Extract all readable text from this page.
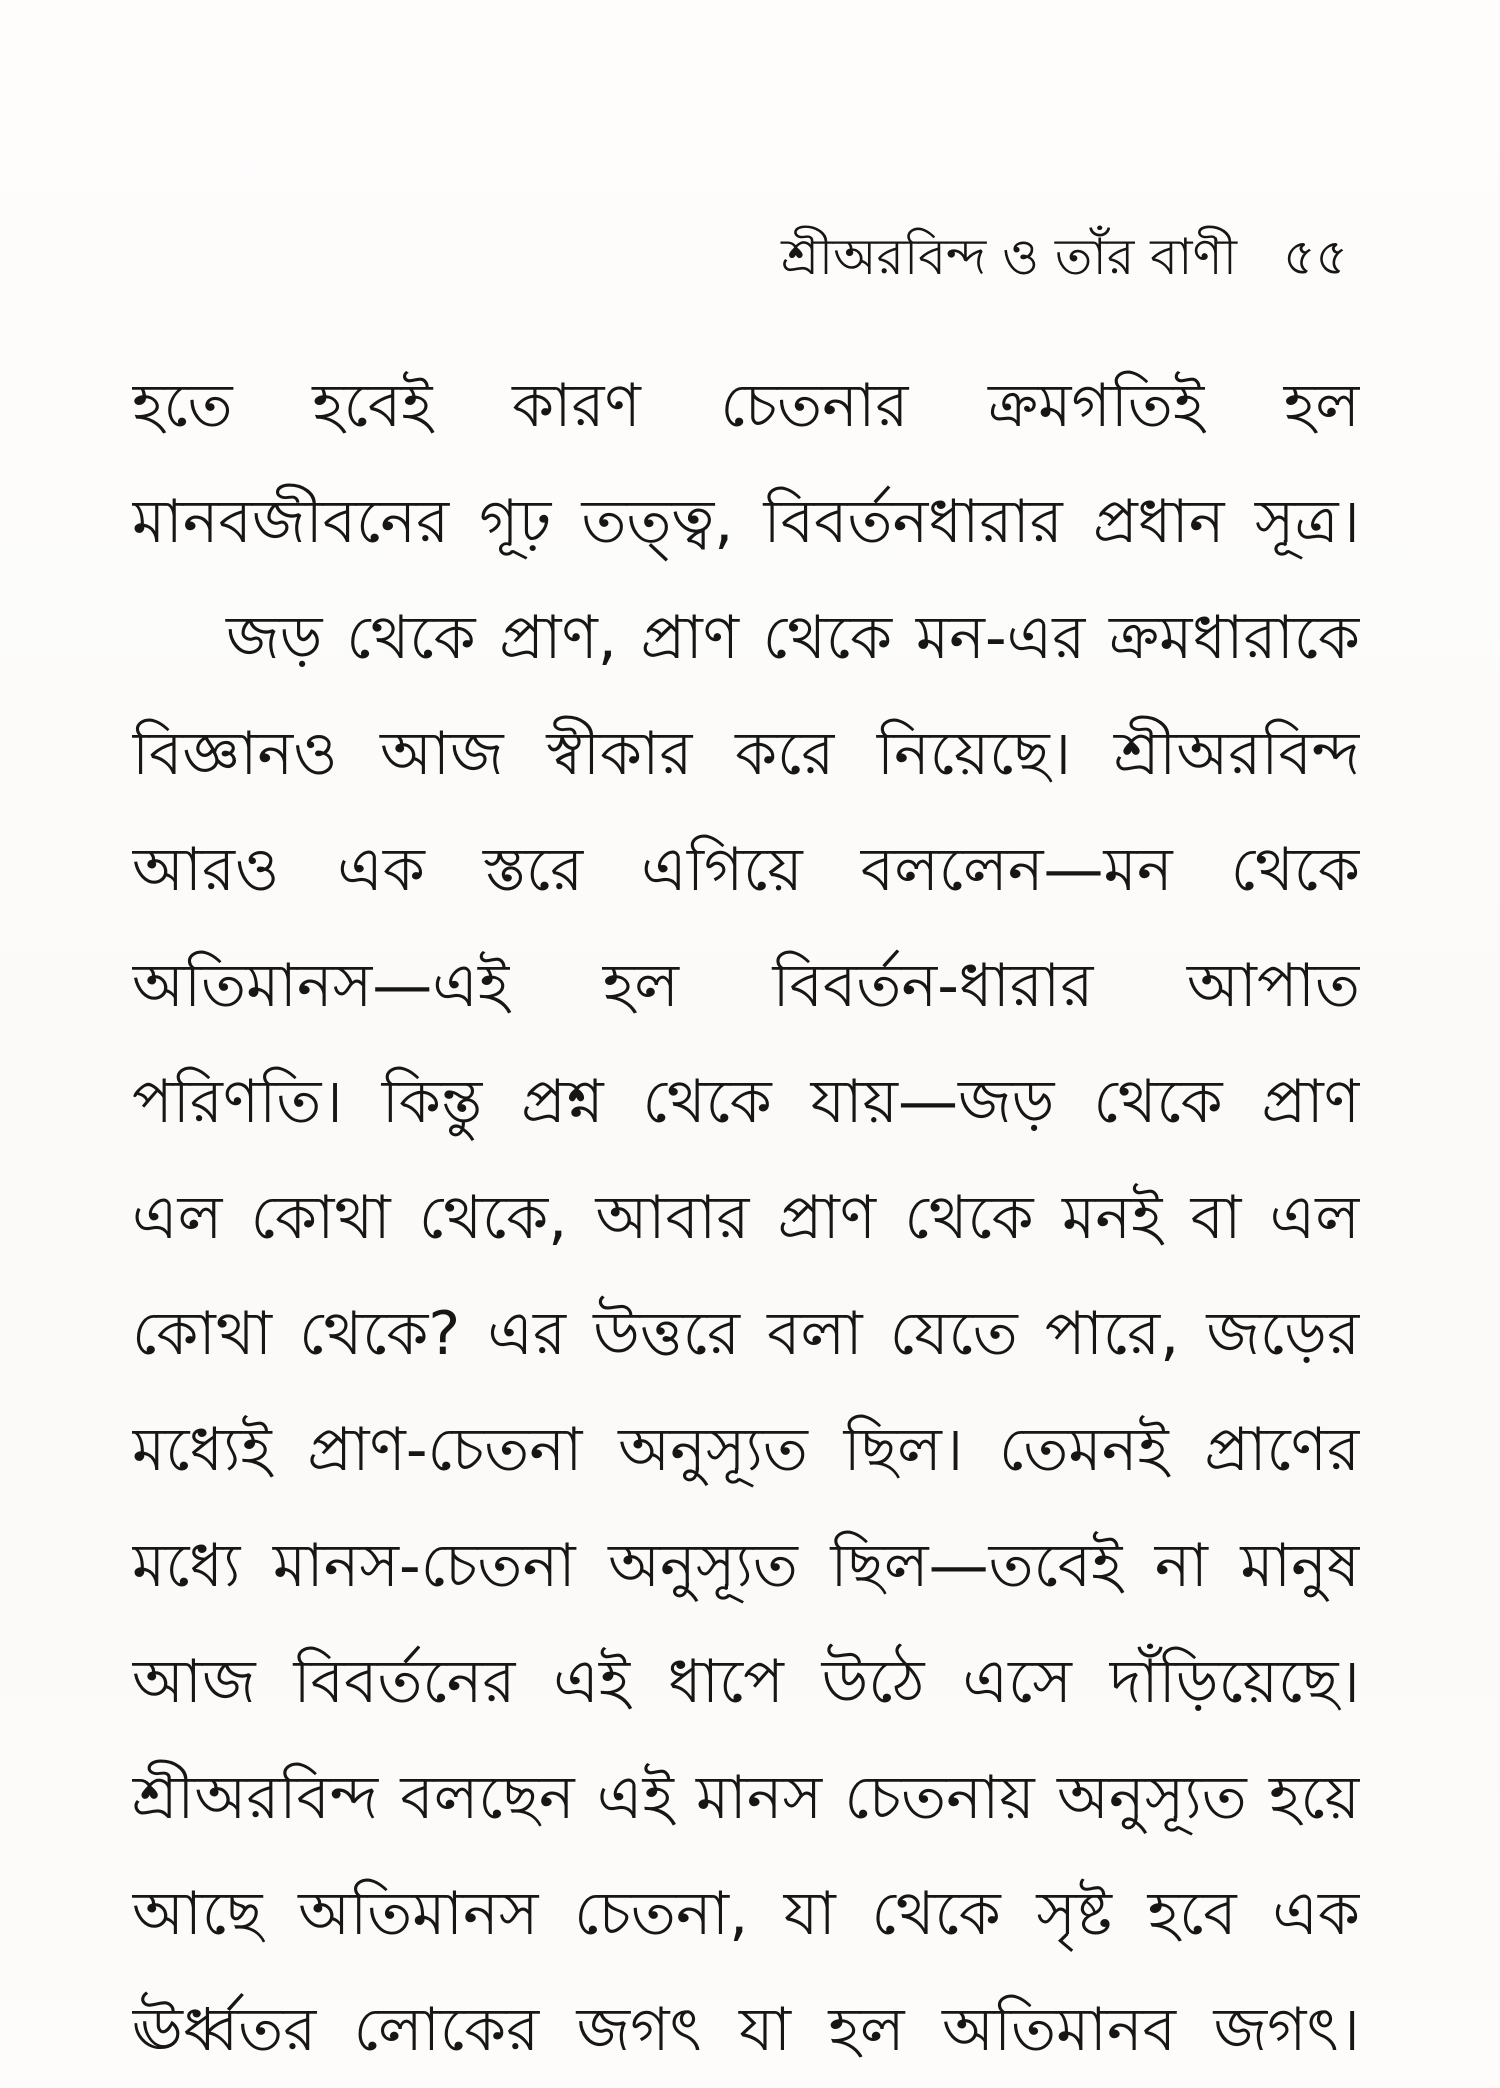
শ্রীঅরবিন্দ ও তাঁর বাণী ৫৫
হতে হবেই কারণ চেতনার ক্রমগতিই হল
মানবজীবনের গূঢ় তত্ত্ব, বিবর্তনধারার প্রধান সূত্র।
জড় থেকে প্রাণ, প্রাণ থেকে মন-এর ক্রমধারাকে
বিজ্ঞানও আজ স্বীকার করে নিয়েছে। শ্রীঅরবিন্দ
আরও এক স্তরে এগিয়ে বললেন—মন থেকে
অতিমানস—এই হল বিবর্তন-ধারার আপাত
পরিণতি। কিন্তু প্রশ্ন থেকে যায়—জড় থেকে প্রাণ
এল কোথা থেকে, আবার প্রাণ থেকে মনই বা এল
কোথা থেকে? এর উত্তরে বলা যেতে পারে, জড়ের
মধ্যেই প্রাণ-চেতনা অনুস্যূত ছিল। তেমনই প্রাণের
মধ্যে মানস-চেতনা অনুস্যূত ছিল—তবেই না মানুষ
আজ বিবর্তনের এই ধাপে উঠে এসে দাঁড়িয়েছে।
শ্রীঅরবিন্দ বলছেন এই মানস চেতনায় অনুস্যূত হয়ে
আছে অতিমানস চেতনা, যা থেকে সৃষ্ট হবে এক
ঊর্ধ্বতর লোকের জগৎ যা হল অতিমানব জগৎ।
